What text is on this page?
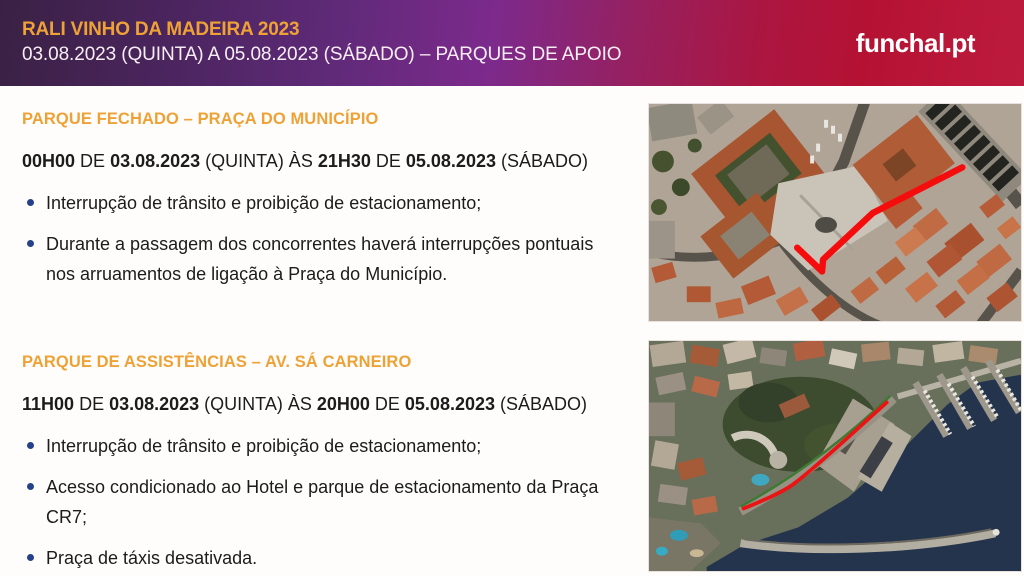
RALI VINHO DA MADEIRA 2023
03.08.2023 (QUINTA) A 05.08.2023 (SÁBADO) – PARQUES DE APOIO	funchal.pt
PARQUE FECHADO – PRAÇA DO MUNICÍPIO

00H00 DE 03.08.2023 (QUINTA) ÀS 21H30 DE 05.08.2023 (SÁBADO)

Interrupção de trânsito e proibição de estacionamento;
Durante a passagem dos concorrentes haverá interrupções pontuais nos arruamentos de ligação à Praça do Município.
PARQUE DE ASSISTÊNCIAS – AV. SÁ CARNEIRO

11H00 DE 03.08.2023 (QUINTA) ÀS 20H00 DE 05.08.2023 (SÁBADO)

Interrupção de trânsito e proibição de estacionamento;
Acesso condicionado ao Hotel e parque de estacionamento da Praça CR7;
Praça de táxis desativada.
